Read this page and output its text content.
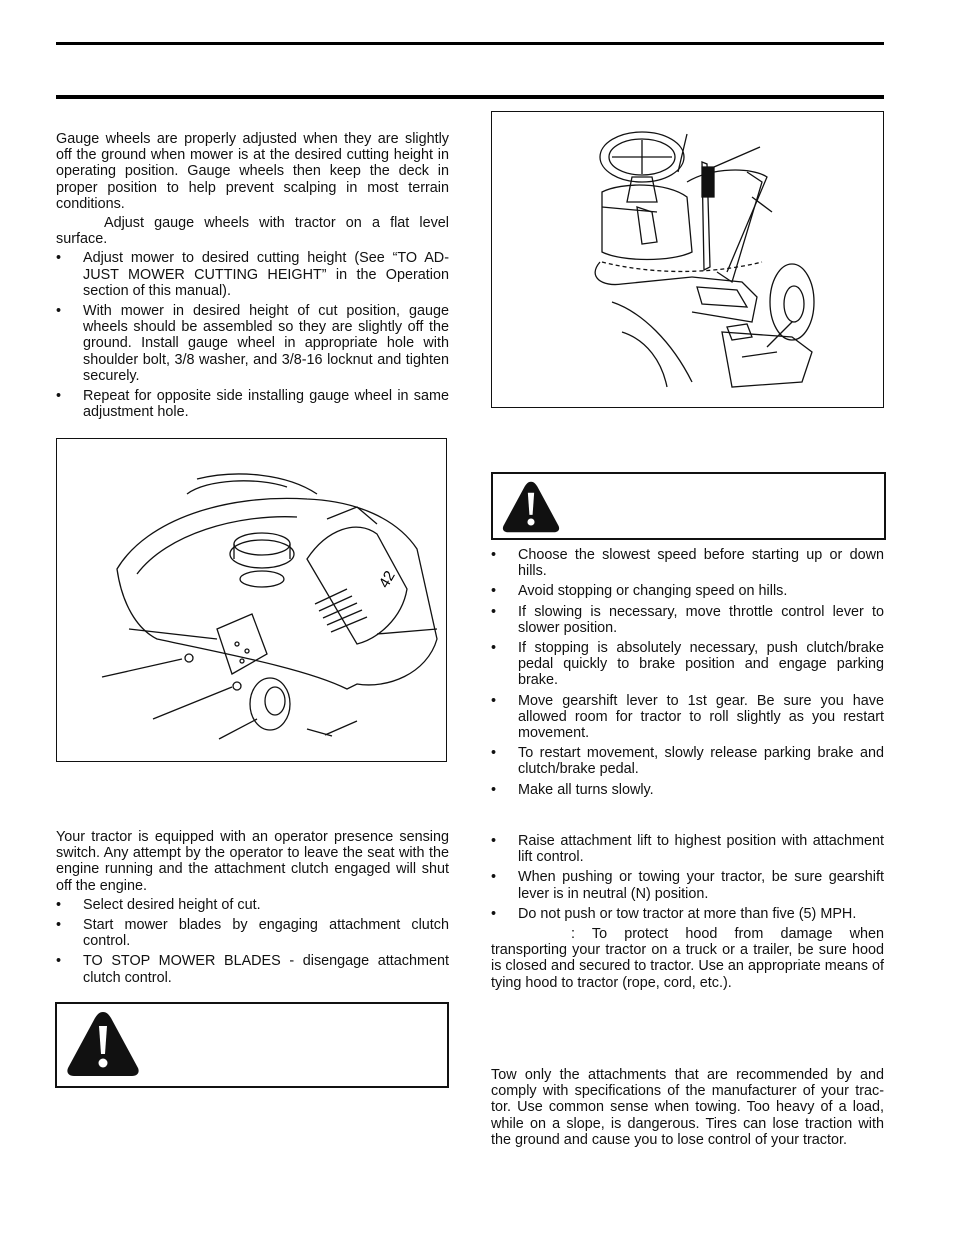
Gauge wheels are properly adjusted when they are slightly off the ground when mower is at the desired cutting height in operating position. Gauge wheels then keep the deck in proper position to help prevent scalping in most terrain conditions.

Adjust gauge wheels with tractor on a flat level surface.

• Adjust mower to desired cutting height (See “TO AD-JUST MOWER CUTTING HEIGHT” in the Operation section of this manual).
• With mower in desired height of cut position, gauge wheels should be assembled so they are slightly off the ground. Install gauge wheel in appropriate hole with shoulder bolt, 3/8 washer, and 3/8-16 locknut and tighten securely.
• Repeat for opposite side installing gauge wheel in same adjustment hole.
42

Your tractor is equipped with an operator presence sensing switch. Any attempt by the operator to leave the seat with the engine running and the attachment clutch engaged will shut off the engine.

• Select desired height of cut.
• Start mower blades by engaging attachment clutch control.
• TO STOP MOWER BLADES - disengage attachment clutch control.
• Choose the slowest speed before starting up or down hills.
• Avoid stopping or changing speed on hills.
• If slowing is necessary, move throttle control lever to slower position.
• If stopping is absolutely necessary, push clutch/brake pedal quickly to brake position and engage parking brake.
• Move gearshift lever to 1st gear. Be sure you have allowed room for tractor to roll slightly as you restart movement.
• To restart movement, slowly release parking brake and clutch/brake pedal.
• Make all turns slowly.
• Raise attachment lift to highest position with attachment lift control.
• When pushing or towing your tractor, be sure gearshift lever is in neutral (N) position.
• Do not push or tow tractor at more than five (5) MPH.

: To protect hood from damage when transporting your tractor on a truck or a trailer, be sure hood is closed and secured to tractor. Use an appropriate means of tying hood to tractor (rope, cord, etc.).

Tow only the attachments that are recommended by and comply with specifications of the manufacturer of your trac-tor. Use common sense when towing. Too heavy of a load, while on a slope, is dangerous. Tires can lose traction with the ground and cause you to lose control of your tractor.
